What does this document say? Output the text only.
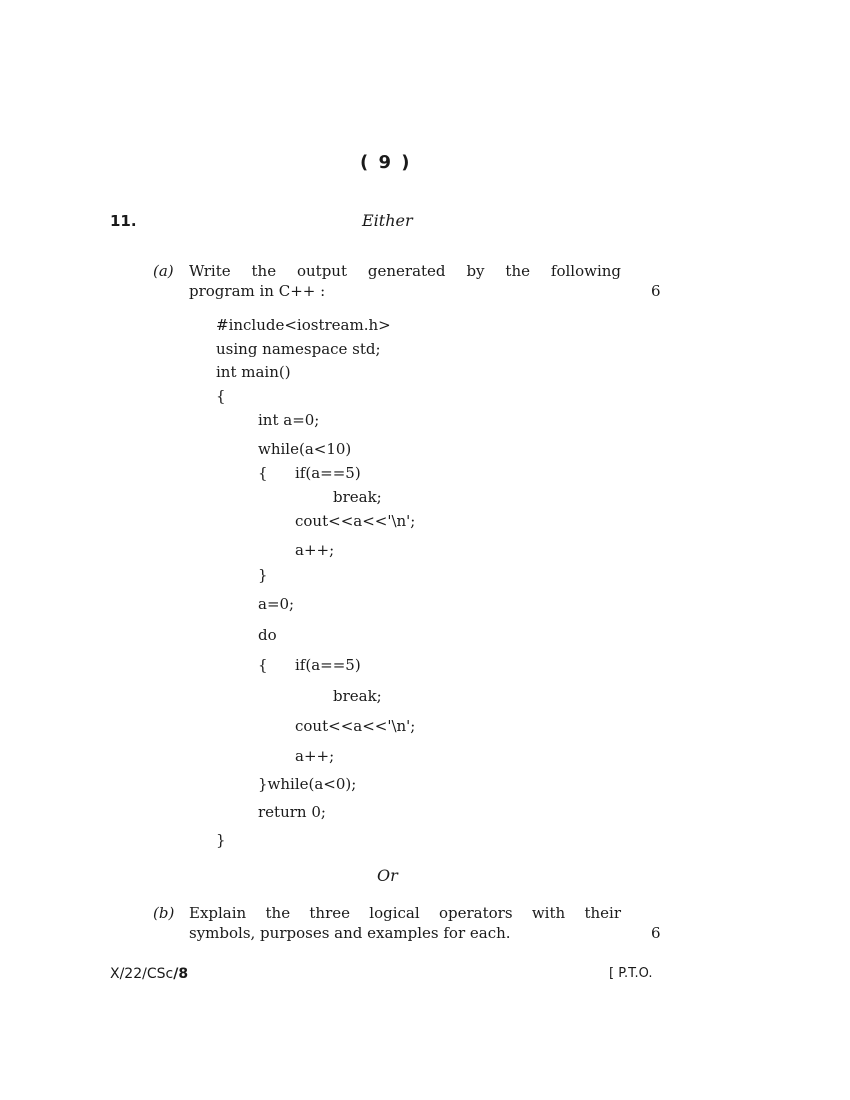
( 9 )
11.	Either
(a) Write the output generated by the following
program in C++ :	6
#include<iostream.h>
using namespace std;
int main()
{
int a=0;
while(a<10)
{ if(a==5)
break;
cout<<a<<'\n';
a++;
}
a=0;
do
{ if(a==5)
break;
cout<<a<<'\n';
a++;
}while(a<0);
return 0;
}
Or
(b) Explain the three logical operators with their
symbols, purposes and examples for each.	6
X/22/CSc/8	[ P.T.O.
